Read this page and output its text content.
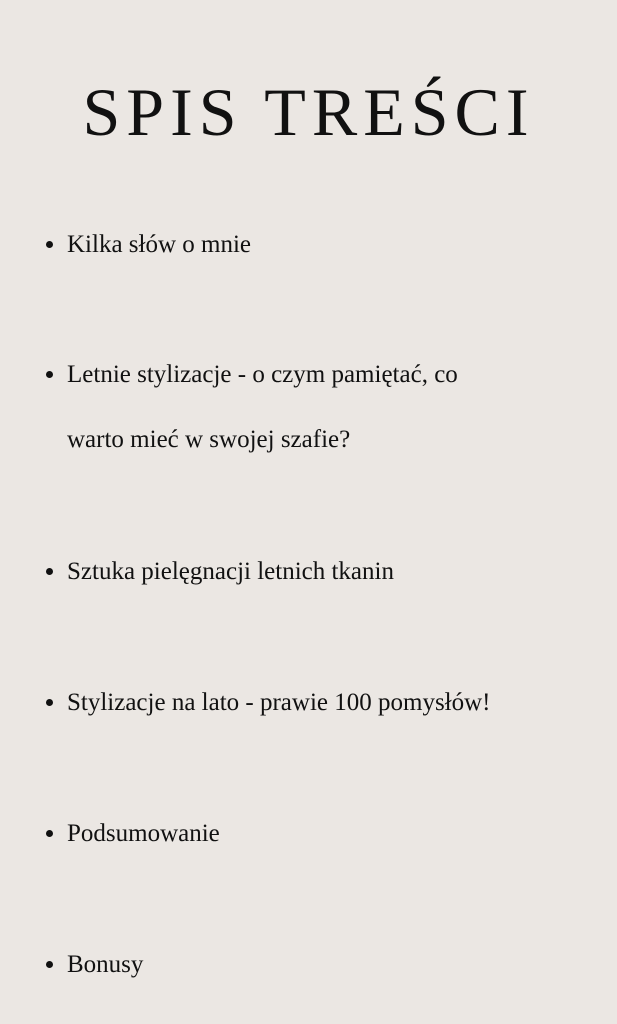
SPIS TREŚCI
Kilka słów o mnie
Letnie stylizacje - o czym pamiętać, co
warto mieć w swojej szafie?
Sztuka pielęgnacji letnich tkanin
Stylizacje na lato - prawie 100 pomysłów!
Podsumowanie
Bonusy
